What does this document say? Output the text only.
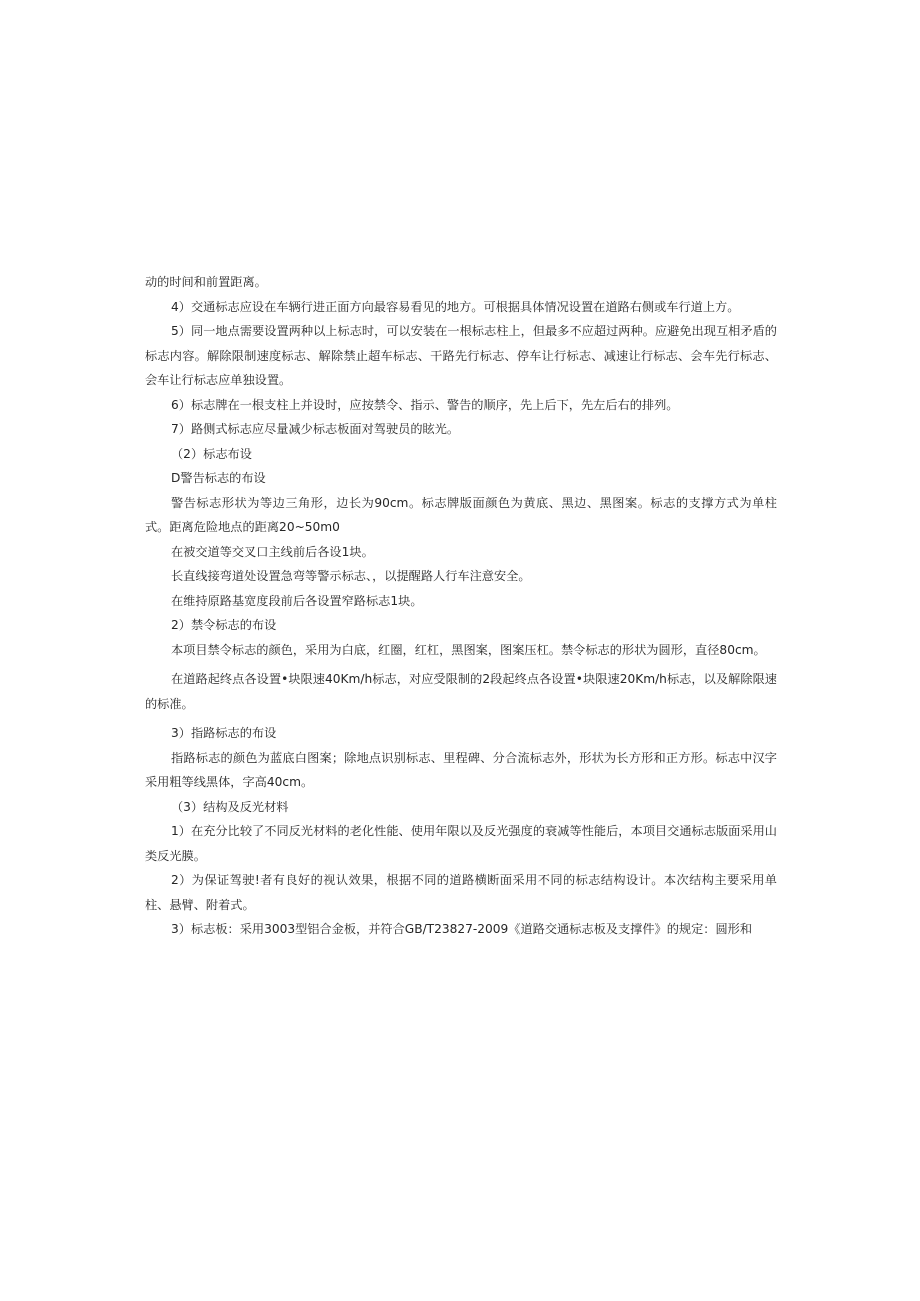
动的时间和前置距离。

4）交通标志应设在车辆行进正面方向最容易看见的地方。可根据具体情况设置在道路右侧或车行道上方。

5）同一地点需要设置两种以上标志时，可以安装在一根标志柱上，但最多不应超过两种。应避免出现互相矛盾的标志内容。解除限制速度标志、解除禁止超车标志、干路先行标志、停车让行标志、减速让行标志、会车先行标志、会车让行标志应单独设置。

6）标志牌在一根支柱上并设时，应按禁令、指示、警告的顺序，先上后下，先左后右的排列。

7）路侧式标志应尽量减少标志板面对驾驶员的眩光。

（2）标志布设

D警告标志的布设

警告标志形状为等边三角形，边长为90cm。标志牌版面颜色为黄底、黑边、黑图案。标志的支撑方式为单柱式。距离危险地点的距离20~50m0

在被交道等交叉口主线前后各设1块。

长直线接弯道处设置急弯等警示标志、，以提醒路人行车注意安全。

在维持原路基宽度段前后各设置窄路标志1块。

2）禁令标志的布设

本项目禁令标志的颜色，采用为白底，红圈，红杠，黑图案，图案压杠。禁令标志的形状为圆形，直径80cm。

在道路起终点各设置•块限速40Km/h标志，对应受限制的2段起终点各设置•块限速20Km/h标志，以及解除限速的标准。

3）指路标志的布设

指路标志的颜色为蓝底白图案；除地点识别标志、里程碑、分合流标志外，形状为长方形和正方形。标志中汉字采用粗等线黑体，字高40cm。

（3）结构及反光材料

1）在充分比较了不同反光材料的老化性能、使用年限以及反光强度的衰减等性能后，本项目交通标志版面采用山类反光膜。

2）为保证驾驶!者有良好的视认效果，根据不同的道路横断面采用不同的标志结构设计。本次结构主要采用单柱、悬臂、附着式。

3）标志板：采用3003型铝合金板，并符合GB/T23827-2009《道路交通标志板及支撑件》的规定：圆形和
